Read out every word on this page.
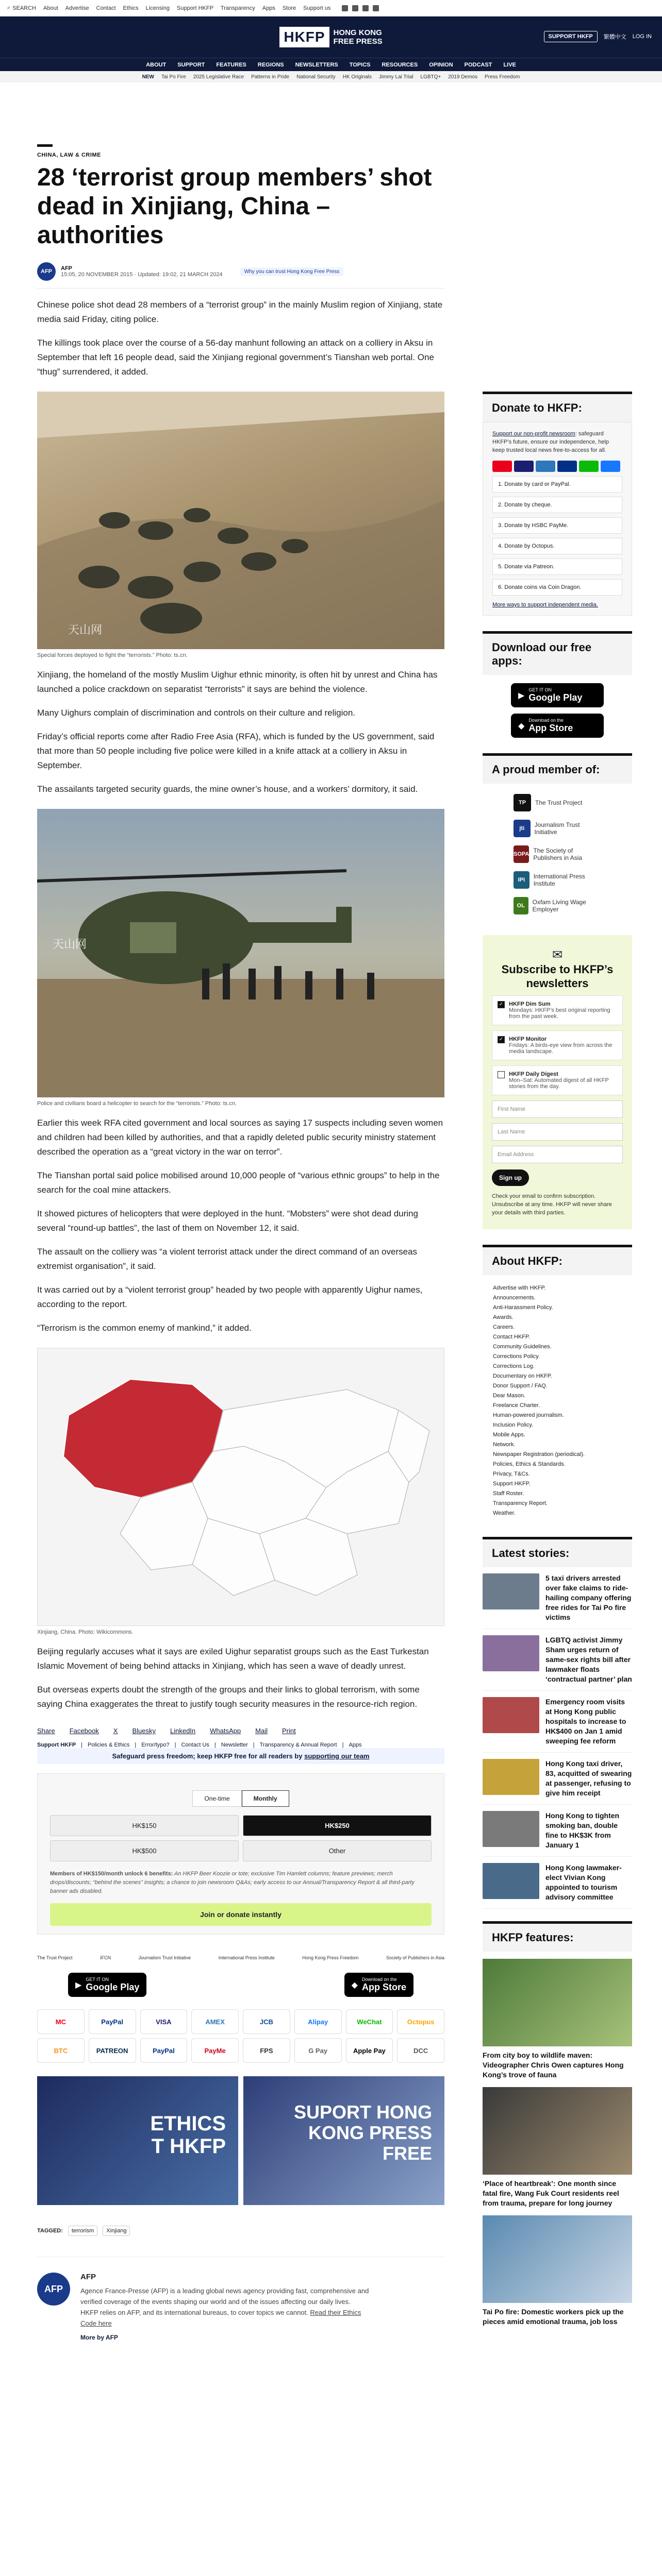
⌕ SEARCH About Advertise Contact Ethics Licensing Support HKFP Transparency Apps Store Support us
HKFP	HONG KONG
FREE PRESS
SUPPORT HKFP	繁體中文 LOG IN
ABOUT SUPPORT FEATURES REGIONS NEWSLETTERS TOPICS RESOURCES OPINION PODCAST LIVE
NEW Tai Po Fire 2025 Legislative Race Patterns in Pride National Security HK Originals Jimmy Lai Trial LGBTQ+ 2019 Demos Press Freedom
CHINA, LAW & CRIME
28 ‘terrorist group members’ shot dead in Xinjiang, China – authorities
AFP	AFP
15:05, 20 NOVEMBER 2015 · Updated: 19:02, 21 MARCH 2024	Why you can trust Hong Kong Free Press

Chinese police shot dead 28 members of a “terrorist group” in the mainly Muslim region of Xinjiang, state media said Friday, citing police.

The killings took place over the course of a 56-day manhunt following an attack on a colliery in Aksu in September that left 16 people dead, said the Xinjiang regional government’s Tianshan web portal. One “thug” surrendered, it added.

天山网
Special forces deployed to fight the “terrorists.” Photo: ts.cn.

Xinjiang, the homeland of the mostly Muslim Uighur ethnic minority, is often hit by unrest and China has launched a police crackdown on separatist “terrorists” it says are behind the violence.

Many Uighurs complain of discrimination and controls on their culture and religion.

Friday’s official reports come after Radio Free Asia (RFA), which is funded by the US government, said that more than 50 people including five police were killed in a knife attack at a colliery in Aksu in September.

The assailants targeted security guards, the mine owner’s house, and a workers’ dormitory, it said.

天山网
Police and civilians board a helicopter to search for the “terrorists.” Photo: ts.cn.

Earlier this week RFA cited government and local sources as saying 17 suspects including seven women and children had been killed by authorities, and that a rapidly deleted public security ministry statement described the operation as a “great victory in the war on terror”.

The Tianshan portal said police mobilised around 10,000 people of “various ethnic groups” to help in the search for the coal mine attackers.

It showed pictures of helicopters that were deployed in the hunt. “Mobsters” were shot dead during several “round-up battles”, the last of them on November 12, it said.

The assault on the colliery was “a violent terrorist attack under the direct command of an overseas extremist organisation”, it said.

It was carried out by a “violent terrorist group” headed by two people with apparently Uighur names, according to the report.

“Terrorism is the common enemy of mankind,” it added.

Xinjiang, China. Photo: Wikicommons.

Beijing regularly accuses what it says are exiled Uighur separatist groups such as the East Turkestan Islamic Movement of being behind attacks in Xinjiang, which has seen a wave of deadly unrest.

But overseas experts doubt the strength of the groups and their links to global terrorism, with some saying China exaggerates the threat to justify tough security measures in the resource-rich region.

Share Facebook X Bluesky LinkedIn WhatsApp Mail Print
Support HKFP | Policies & Ethics | Error/typo? | Contact Us | Newsletter | Transparency & Annual Report | Apps
Safeguard press freedom; keep HKFP free for all readers by supporting our team
One-time	Monthly
HK$150	HK$250
HK$500	Other
Members of HK$150/month unlock 6 benefits: An HKFP Beer Koozie or tote; exclusive Tim Hamlett columns; feature previews; merch drops/discounts; “behind the scenes” insights; a chance to join newsroom Q&As; early access to our Annual/Transparency Report & all third-party banner ads disabled.
Join or donate instantly
The Trust Project	IFCN	Journalism Trust Initiative	International Press Institute	Hong Kong Press Freedom	Society of Publishers in Asia
▶
GET IT ON
Google Play	◆
Download on the
App Store
MC	PayPal	VISA	AMEX	JCB	Alipay	WeChat	Octopus
BTC	PATREON	PayPal	PayMe	FPS	G Pay	Apple Pay	DCC
ETHICS
T HKFP
SUPORT HONG KONG PRESS
FREE
TAGGED:	terrorism	Xinjiang
AFP
AFP
Agence France-Presse (AFP) is a leading global news agency providing fast, comprehensive and verified coverage of the events shaping our world and of the issues affecting our daily lives. HKFP relies on AFP, and its international bureaus, to cover topics we cannot. Read their Ethics Code here
More by AFP
Donate to HKFP:
Support our non-profit newsroom: safeguard HKFP’s future, ensure our independence, help keep trusted local news free-to-access for all.
1. Donate by card or PayPal.
2. Donate by cheque.
3. Donate by HSBC PayMe.
4. Donate by Octopus.
5. Donate via Patreon.
6. Donate coins via Coin Dragon.
More ways to support independent media.
Download our free apps:
▶
GET IT ON
Google Play
◆
Download on the
App Store
A proud member of:
TP	The Trust Project
jti	Journalism Trust Initiative
SOPA The Society of Publishers in Asia
IPI	International Press Institute
OL	Oxfam Living Wage Employer
✉
Subscribe to HKFP’s newsletters
✓ HKFP Dim Sum
Mondays: HKFP’s best original reporting from the past week.
✓ HKFP Monitor
Fridays: A birds-eye view from across the media landscape.
HKFP Daily Digest
Mon–Sat: Automated digest of all HKFP stories from the day.
First Name
Last Name
Email Address
Sign up
Check your email to confirm subscription. Unsubscribe at any time. HKFP will never share your details with third parties.
About HKFP:
Advertise with HKFP.
Announcements.
Anti-Harassment Policy.
Awards.
Careers.
Contact HKFP.
Community Guidelines.
Corrections Policy.
Corrections Log.
Documentary on HKFP.
Donor Support / FAQ.
Dear Mason.
Freelance Charter.
Human-powered journalism.
Inclusion Policy.
Mobile Apps.
Network.
Newspaper Registration (periodical).
Policies, Ethics & Standards.
Privacy, T&Cs.
Support HKFP.
Staff Roster.
Transparency Report.
Weather.
Latest stories:
5 taxi drivers arrested over fake claims to ride-hailing company offering free rides for Tai Po fire victims
LGBTQ activist Jimmy Sham urges return of same-sex rights bill after lawmaker floats ‘contractual partner’ plan
Emergency room visits at Hong Kong public hospitals to increase to HK$400 on Jan 1 amid sweeping fee reform
Hong Kong taxi driver, 83, acquitted of swearing at passenger, refusing to give him receipt
Hong Kong to tighten smoking ban, double fine to HK$3K from January 1
Hong Kong lawmaker-elect Vivian Kong appointed to tourism advisory committee
HKFP features:
From city boy to wildlife maven: Videographer Chris Owen captures Hong Kong’s trove of fauna
‘Place of heartbreak’: One month since fatal fire, Wang Fuk Court residents reel from trauma, prepare for long journey
Tai Po fire: Domestic workers pick up the pieces amid emotional trauma, job loss
